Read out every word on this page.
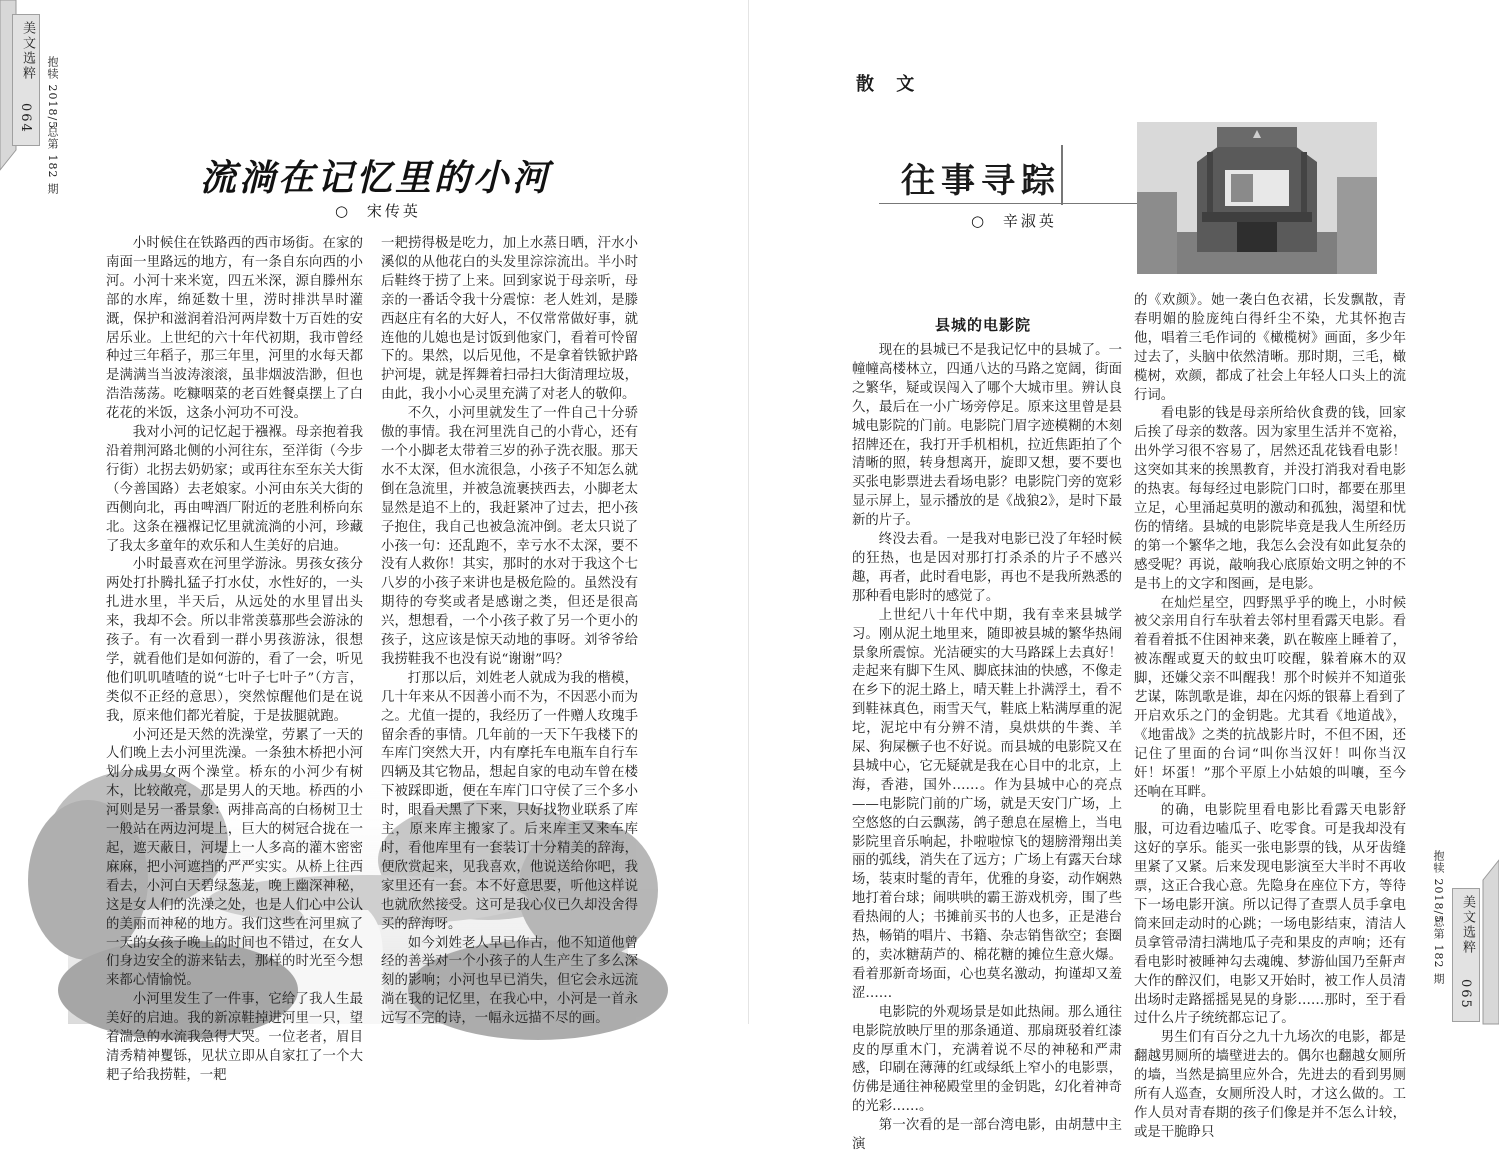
美文选粹
064 抱犊 2018/5
总第 182 期	流淌在记忆里的小河
○ 宋传英

小时候住在铁路西的西市场街。在家的南面一里路远的地方，有一条自东向西的小河。小河十来米宽，四五米深，源自滕州东部的水库，绵延数十里，涝时排洪旱时灌溉，保护和滋润着沿河两岸数十万百姓的安居乐业。上世纪的六十年代初期，我市曾经种过三年稻子，那三年里，河里的水每天都是满满当当波涛滚滚，虽非烟波浩渺，但也浩浩荡荡。吃糠咽菜的老百姓餐桌摆上了白花花的米饭，这条小河功不可没。

我对小河的记忆起于襁褓。母亲抱着我沿着荆河路北侧的小河往东，至洋街（今步行街）北拐去奶奶家；或再往东至东关大街（今善国路）去老娘家。小河由东关大街的西侧向北，再由啤酒厂附近的老胜利桥向东北。这条在襁褓记忆里就流淌的小河，珍藏了我太多童年的欢乐和人生美好的启迪。

小时最喜欢在河里学游泳。男孩女孩分两处打扑腾扎猛子打水仗，水性好的，一头扎进水里，半天后，从远处的水里冒出头来，我却不会。所以非常羡慕那些会游泳的孩子。有一次看到一群小男孩游泳，很想学，就看他们是如何游的，看了一会，听见他们叽叽喳喳的说“七叶子七叶子”（方言，类似不正经的意思），突然惊醒他们是在说我，原来他们都光着腚，于是拔腿就跑。

小河还是天然的洗澡堂，劳累了一天的人们晚上去小河里洗澡。一条独木桥把小河划分成男女两个澡堂。桥东的小河少有树木，比较敞亮，那是男人的天地。桥西的小河则是另一番景象：两排高高的白杨树卫士一般站在两边河堤上，巨大的树冠合拢在一起，遮天蔽日，河堤上一人多高的灌木密密麻麻，把小河遮挡的严严实实。从桥上往西看去，小河白天碧绿葱茏，晚上幽深神秘，这是女人们的洗澡之处，也是人们心中公认的美丽而神秘的地方。我们这些在河里疯了一天的女孩子晚上的时间也不错过，在女人们身边安全的游来钻去，那样的时光至今想来都心情愉悦。

小河里发生了一件事，它给了我人生最美好的启迪。我的新凉鞋掉进河里一只，望着湍急的水流我急得大哭。一位老者，眉目清秀精神矍铄，见状立即从自家扛了一个大耙子给我捞鞋，一耙

一耙捞得极是吃力，加上水蒸日晒，汗水小溪似的从他花白的头发里淙淙流出。半小时后鞋终于捞了上来。回到家说于母亲听，母亲的一番话令我十分震惊：老人姓刘，是滕西赵庄有名的大好人，不仅常常做好事，就连他的儿媳也是讨饭到他家门，看着可怜留下的。果然，以后见他，不是拿着铁锨护路护河堤，就是挥舞着扫帚扫大街清理垃圾，由此，我小小心灵里充满了对老人的敬仰。

不久，小河里就发生了一件自己十分骄傲的事情。我在河里洗自己的小背心，还有一个小脚老太带着三岁的孙子洗衣服。那天水不太深，但水流很急，小孩子不知怎么就倒在急流里，并被急流裹挟西去，小脚老太显然是追不上的，我赶紧冲了过去，把小孩子抱住，我自己也被急流冲倒。老太只说了小孩一句：还乱跑不，幸亏水不太深，要不没有人救你！其实，那时的水对于我这个七八岁的小孩子来讲也是极危险的。虽然没有期待的夸奖或者是感谢之类，但还是很高兴，想想看，一个小孩子救了另一个更小的孩子，这应该是惊天动地的事呀。刘爷爷给我捞鞋我不也没有说“谢谢”吗？

打那以后，刘姓老人就成为我的楷模，几十年来从不因善小而不为，不因恶小而为之。尤值一提的，我经历了一件赠人玫瑰手留余香的事情。几年前的一天下午我楼下的车库门突然大开，内有摩托车电瓶车自行车四辆及其它物品，想起自家的电动车曾在楼下被踩即逝，便在车库门口守侯了三个多小时，眼看天黑了下来，只好找物业联系了库主，原来库主搬家了。后来库主又来车库时，看他库里有一套装订十分精美的辞海，便欣赏起来，见我喜欢，他说送给你吧，我家里还有一套。本不好意思要，听他这样说也就欣然接受。这可是我心仪已久却没舍得买的辞海呀。

如今刘姓老人早已作古，他不知道他曾经的善举对一个小孩子的人生产生了多么深刻的影响；小河也早已消失，但它会永远流淌在我的记忆里，在我心中，小河是一首永远写不完的诗，一幅永远描不尽的画。

散 文
往事寻踪
○ 辛淑英
县城的电影院

现在的县城已不是我记忆中的县城了。一幢幢高楼林立，四通八达的马路之宽阔，街面之繁华，疑或误闯入了哪个大城市里。辨认良久，最后在一小广场旁停足。原来这里曾是县城电影院的门前。电影院门眉字迹模糊的木刻招牌还在，我打开手机相机，拉近焦距拍了个清晰的照，转身想离开，旋即又想，要不要也买张电影票进去看场电影？电影院门旁的宽彩显示屏上，显示播放的是《战狼2》，是时下最新的片子。

终没去看。一是我对电影已没了年轻时候的狂热，也是因对那打打杀杀的片子不感兴趣，再者，此时看电影，再也不是我所熟悉的那种看电影时的感觉了。

上世纪八十年代中期，我有幸来县城学习。刚从泥土地里来，随即被县城的繁华热闹景象所震惊。光洁硬实的大马路踩上去真好！走起来有脚下生风、脚底抹油的快感，不像走在乡下的泥土路上，晴天鞋上扑满浮土，看不到鞋袜真色，雨雪天气，鞋底上粘满厚重的泥坨，泥坨中有分辨不清，臭烘烘的牛粪、羊屎、狗屎橛子也不好说。而县城的电影院又在县城中心，它无疑就是我在心目中的北京，上海，香港，国外……。作为县城中心的亮点——电影院门前的广场，就是天安门广场，上空悠悠的白云飘荡，鸽子憩息在屋檐上，当电影院里音乐响起，扑啦啦惊飞的翅膀滑翔出美丽的弧线，消失在了远方；广场上有露天台球场，装束时髦的青年，优雅的身姿，动作娴熟地打着台球；闹哄哄的霸王游戏机旁，围了些看热闹的人；书摊前买书的人也多，正是港台热，畅销的唱片、书籍、杂志销售欲空；套圈的，卖冰糖葫芦的、棉花糖的摊位生意火爆。看着那新奇场面，心也莫名激动，拘谨却又羞涩……

电影院的外观场景是如此热闹。那么通往电影院放映厅里的那条通道、那扇斑驳着红漆皮的厚重木门，充满着说不尽的神秘和严肃感，印刷在薄薄的红或绿纸上窄小的电影票，仿佛是通往神秘殿堂里的金钥匙，幻化着神奇的光彩……。

第一次看的是一部台湾电影，由胡慧中主演

的《欢颜》。她一袭白色衣裙，长发飘散，青春明媚的脸庞纯白得纤尘不染，尤其怀抱吉他，唱着三毛作词的《橄榄树》画面，多少年过去了，头脑中依然清晰。那时期，三毛，橄榄树，欢颜，都成了社会上年轻人口头上的流行词。

看电影的钱是母亲所给伙食费的钱，回家后挨了母亲的数落。因为家里生活并不宽裕，出外学习很不容易了，居然还乱花钱看电影！这突如其来的挨黑教育，并没打消我对看电影的热衷。每每经过电影院门口时，都要在那里立足，心里涌起莫明的激动和孤独，渴望和忧伤的情绪。县城的电影院毕竟是我人生所经历的第一个繁华之地，我怎么会没有如此复杂的感受呢？再说，敲响我心底原始文明之钟的不是书上的文字和图画，是电影。

在灿烂星空，四野黑乎乎的晚上，小时候被父亲用自行车驮着去邻村里看露天电影。看着看着抵不住困神来袭，趴在鞍座上睡着了，被冻醒或夏天的蚊虫叮咬醒，躲着麻木的双脚，还嫌父亲不叫醒我！那个时候并不知道张艺谋，陈凯歌是谁，却在闪烁的银幕上看到了开启欢乐之门的金钥匙。尤其看《地道战》，《地雷战》之类的抗战影片时，不但不困，还记住了里面的台词“叫你当汉奸！叫你当汉奸！坏蛋！”那个平原上小姑娘的叫嚷，至今还响在耳畔。

的确，电影院里看电影比看露天电影舒服，可边看边嗑瓜子、吃零食。可是我却没有这好的享乐。能买一张电影票的钱，从牙齿缝里紧了又紧。后来发现电影演至大半时不再收票，这正合我心意。先隐身在座位下方，等待下一场电影开演。所以记得了查票人员手拿电筒来回走动时的心跳；一场电影结束，清洁人员拿管帚清扫满地瓜子壳和果皮的声响；还有看电影时被睡神勾去魂魄、梦游仙国乃至鼾声大作的醉汉们，电影又开始时，被工作人员清出场时走路摇摇晃晃的身影……那时，至于看过什么片子统统都忘记了。

男生们有百分之九十九场次的电影，都是翻越男厕所的墙壁进去的。偶尔也翻越女厕所的墙，当然是搞里应外合，先进去的看到男厕所有人巡查，女厕所没人时，才这么做的。工作人员对青春期的孩子们像是并不怎么计较，或是干脆睁只

抱犊 2018/5
总第 182 期 美文选粹
065
